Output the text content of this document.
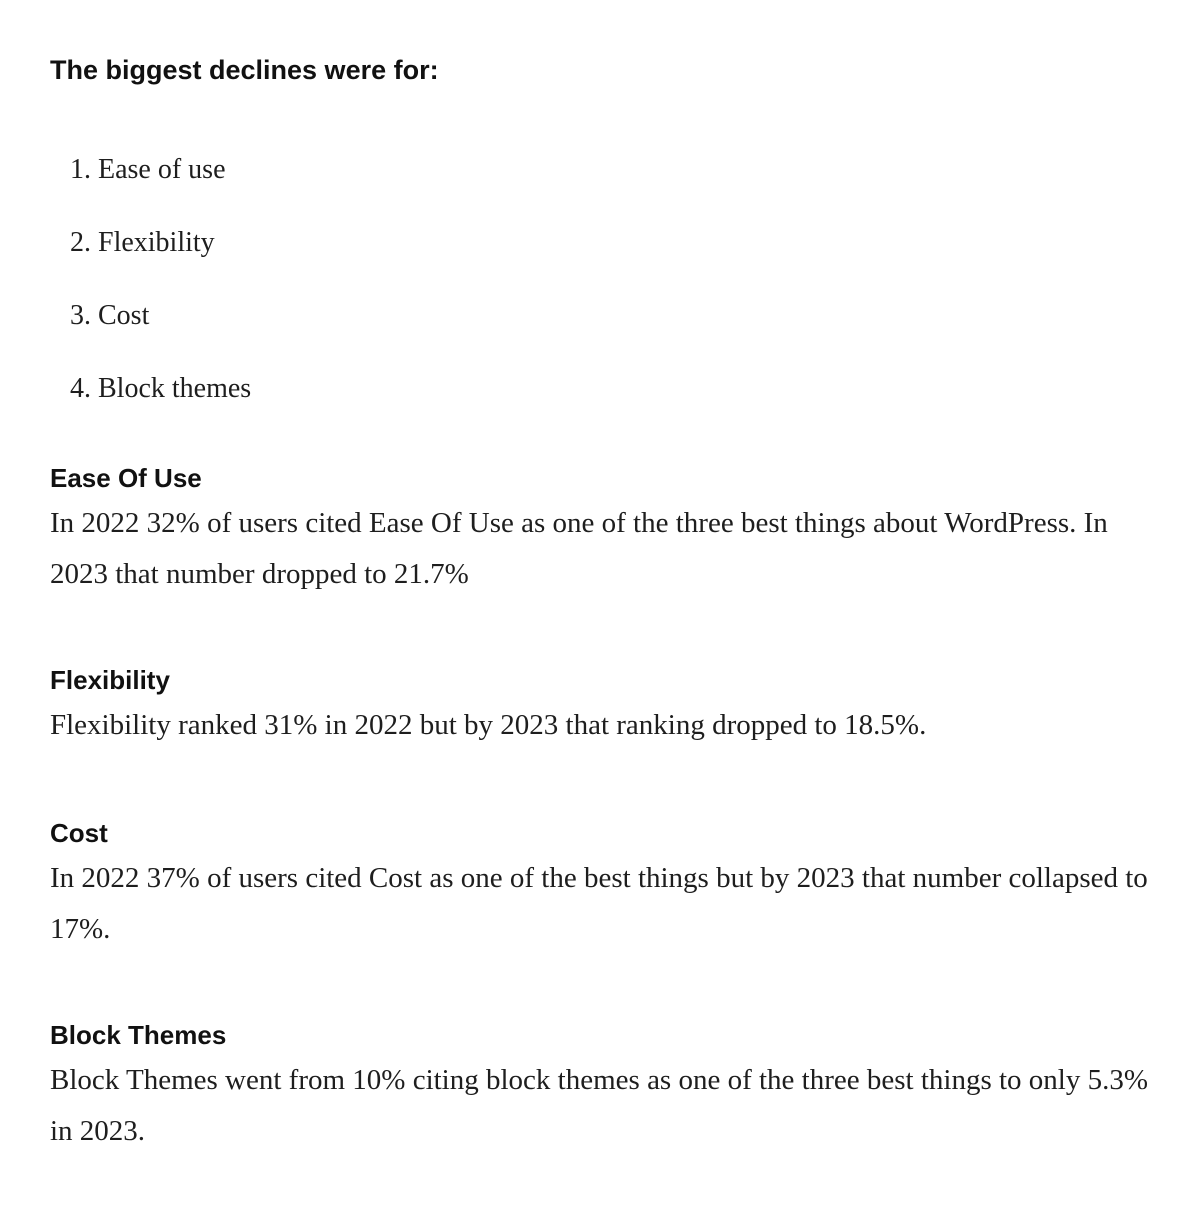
The biggest declines were for:
1. Ease of use
2. Flexibility
3. Cost
4. Block themes
Ease Of Use

In 2022 32% of users cited Ease Of Use as one of the three best things about WordPress. In 2023 that number dropped to 21.7%

Flexibility

Flexibility ranked 31% in 2022 but by 2023 that ranking dropped to 18.5%.

Cost

In 2022 37% of users cited Cost as one of the best things but by 2023 that number collapsed to 17%.

Block Themes

Block Themes went from 10% citing block themes as one of the three best things to only 5.3% in 2023.
